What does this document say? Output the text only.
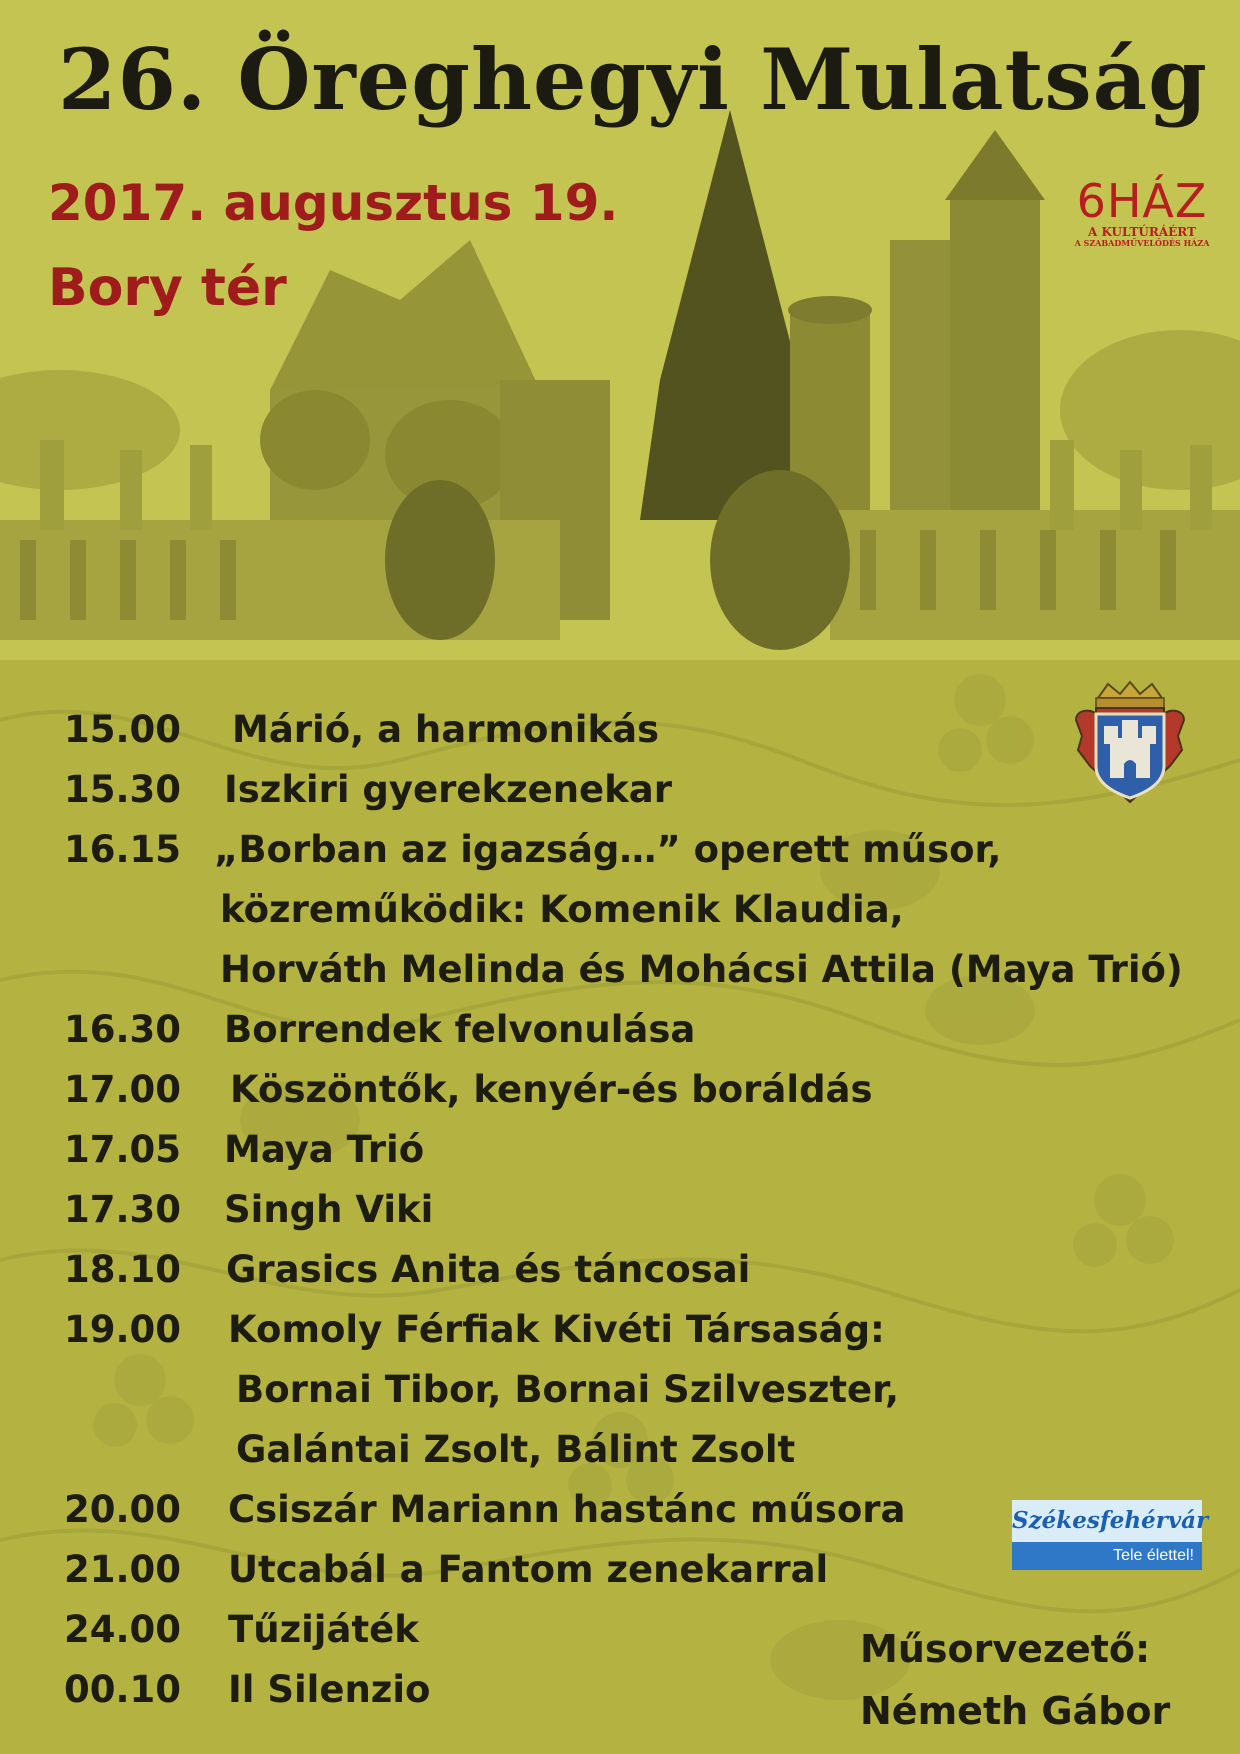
26. Öreghegyi Mulatság
2017. augusztus 19.
Bory tér
6HÁZ
A KULTÚRÁÉRT
A SZABADMŰVELŐDÉS HÁZA
15.00	Márió, a harmonikás
15.30	Iszkiri gyerekzenekar
16.15 „Borban az igazság…” operett műsor,
közreműködik: Komenik Klaudia,
Horváth Melinda és Mohácsi Attila (Maya Trió)
16.30	Borrendek felvonulása
17.00	Köszöntők, kenyér-és boráldás
17.05	Maya Trió
17.30	Singh Viki
18.10	Grasics Anita és táncosai
19.00	Komoly Férfiak Kivéti Társaság:
Bornai Tibor, Bornai Szilveszter,
Galántai Zsolt, Bálint Zsolt
20.00	Csiszár Mariann hastánc műsora
21.00	Utcabál a Fantom zenekarral
24.00	Tűzijáték
00.10	Il Silenzio
Székesfehérvár
Tele élettel!
Műsorvezető:
Németh Gábor
